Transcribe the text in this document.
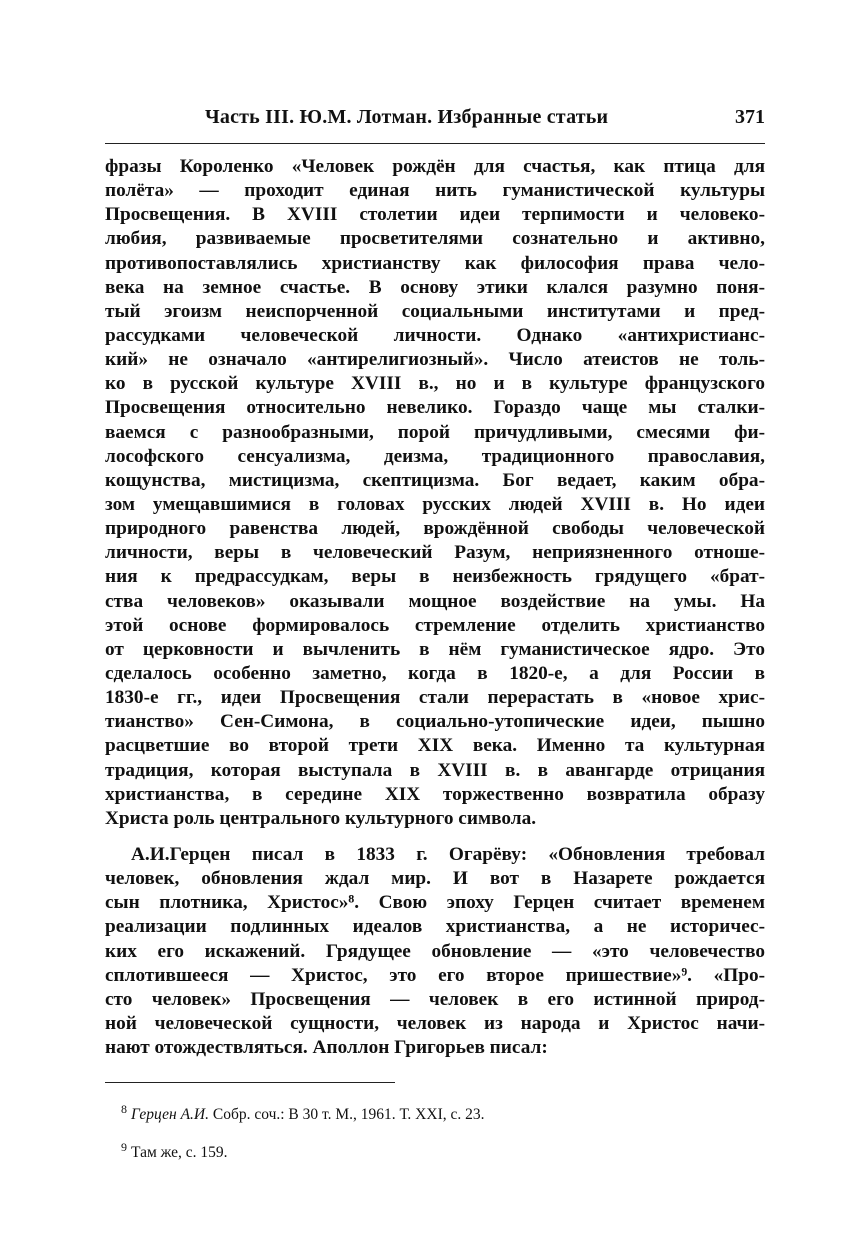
Часть III. Ю.М. Лотман. Избранные статьи	371
фразы Короленко «Человек рождён для счастья, как птица для
полёта» — проходит единая нить гуманистической культуры
Просвещения. В XVIII столетии идеи терпимости и человеко-
любия, развиваемые просветителями сознательно и активно,
противопоставлялись христианству как философия права чело-
века на земное счастье. В основу этики клался разумно поня-
тый эгоизм неиспорченной социальными институтами и пред-
рассудками человеческой личности. Однако «антихристианс-
кий» не означало «антирелигиозный». Число атеистов не толь-
ко в русской культуре XVIII в., но и в культуре французского
Просвещения относительно невелико. Гораздо чаще мы сталки-
ваемся с разнообразными, порой причудливыми, смесями фи-
лософского сенсуализма, деизма, традиционного православия,
кощунства, мистицизма, скептицизма. Бог ведает, каким обра-
зом умещавшимися в головах русских людей XVIII в. Но идеи
природного равенства людей, врождённой свободы человеческой
личности, веры в человеческий Разум, неприязненного отноше-
ния к предрассудкам, веры в неизбежность грядущего «брат-
ства человеков» оказывали мощное воздействие на умы. На
этой основе формировалось стремление отделить христианство
от церковности и вычленить в нём гуманистическое ядро. Это
сделалось особенно заметно, когда в 1820-е, а для России в
1830-е гг., идеи Просвещения стали перерастать в «новое хрис-
тианство» Сен-Симона, в социально-утопические идеи, пышно
расцветшие во второй трети XIX века. Именно та культурная
традиция, которая выступала в XVIII в. в авангарде отрицания
христианства, в середине XIX торжественно возвратила образу
Христа роль центрального культурного символа.
А.И.Герцен писал в 1833 г. Огарёву: «Обновления требовал
человек, обновления ждал мир. И вот в Назарете рождается
сын плотника, Христос»⁸. Свою эпоху Герцен считает временем
реализации подлинных идеалов христианства, а не историчес-
ких его искажений. Грядущее обновление — «это человечество
сплотившееся — Христос, это его второе пришествие»⁹. «Про-
сто человек» Просвещения — человек в его истинной природ-
ной человеческой сущности, человек из народа и Христос начи-
нают отождествляться. Аполлон Григорьев писал:
$^8$ Герцен А.И. Собр. соч.: В 30 т. М., 1961. Т. XXI, с. 23.
$^9$ Там же, с. 159.
